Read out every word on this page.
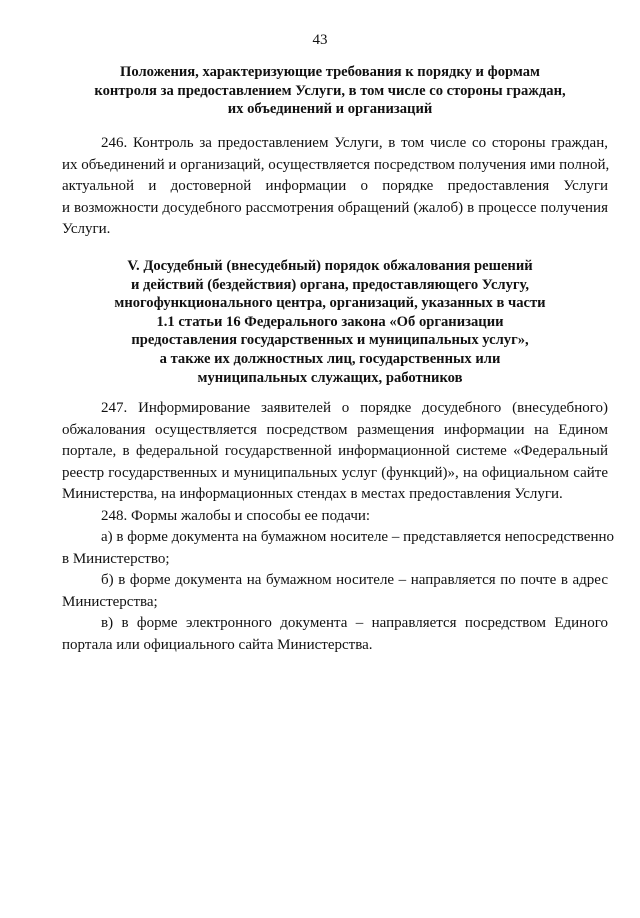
43
Положения, характеризующие требования к порядку и формам
контроля за предоставлением Услуги, в том числе со стороны граждан,
их объединений и организаций
246. Контроль за предоставлением Услуги, в том числе со стороны граждан,
их объединений и организаций, осуществляется посредством получения ими полной,
актуальной и достоверной информации о порядке предоставления Услуги
и возможности досудебного рассмотрения обращений (жалоб) в процессе получения
Услуги.
V. Досудебный (внесудебный) порядок обжалования решений
и действий (бездействия) органа, предоставляющего Услугу,
многофункционального центра, организаций, указанных в части
1.1 статьи 16 Федерального закона «Об организации
предоставления государственных и муниципальных услуг»,
а также их должностных лиц, государственных или
муниципальных служащих, работников
247. Информирование заявителей о порядке досудебного (внесудебного)
обжалования осуществляется посредством размещения информации на Едином
портале, в федеральной государственной информационной системе «Федеральный
реестр государственных и муниципальных услуг (функций)», на официальном сайте
Министерства, на информационных стендах в местах предоставления Услуги.
248. Формы жалобы и способы ее подачи:
а) в форме документа на бумажном носителе – представляется непосредственно
в Министерство;
б) в форме документа на бумажном носителе – направляется по почте в адрес
Министерства;
в) в форме электронного документа – направляется посредством Единого
портала или официального сайта Министерства.
